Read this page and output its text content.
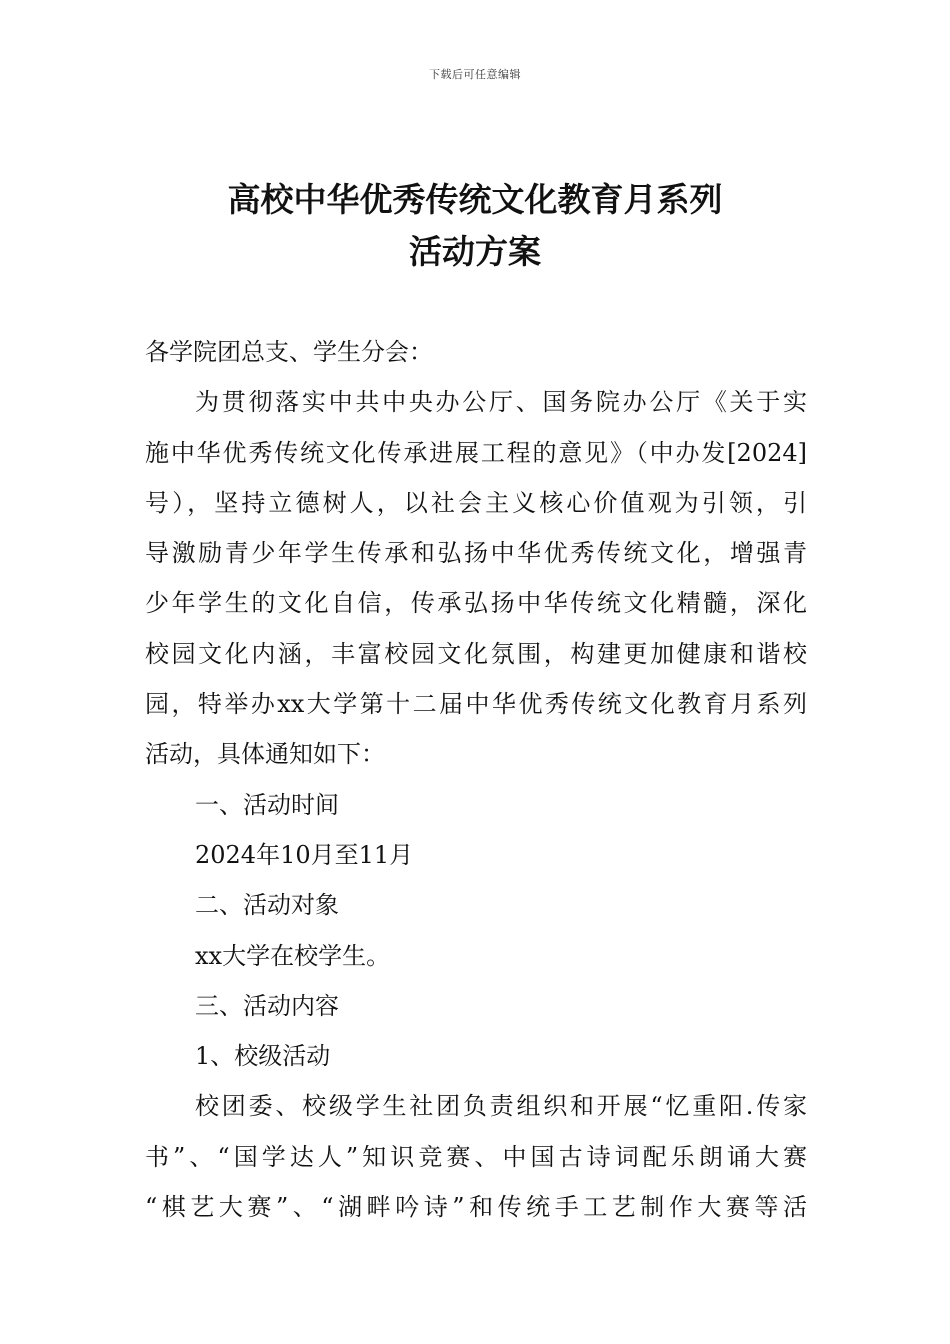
下载后可任意编辑
高校中华优秀传统文化教育月系列
活动方案

各学院团总支、学生分会：

为贯彻落实中共中央办公厅、国务院办公厅《关于实
施中华优秀传统文化传承进展工程的意见》（中办发[2024]
号），坚持立德树人，以社会主义核心价值观为引领，引
导激励青少年学生传承和弘扬中华优秀传统文化，增强青
少年学生的文化自信，传承弘扬中华传统文化精髓，深化
校园文化内涵，丰富校园文化氛围，构建更加健康和谐校
园，特举办xx大学第十二届中华优秀传统文化教育月系列
活动，具体通知如下：

一、活动时间

2024年10月至11月

二、活动对象

xx大学在校学生。

三、活动内容

1、校级活动

校团委、校级学生社团负责组织和开展“忆重阳.传家
书”、“国学达人”知识竞赛、中国古诗词配乐朗诵大赛
“棋艺大赛”、“湖畔吟诗”和传统手工艺制作大赛等活
